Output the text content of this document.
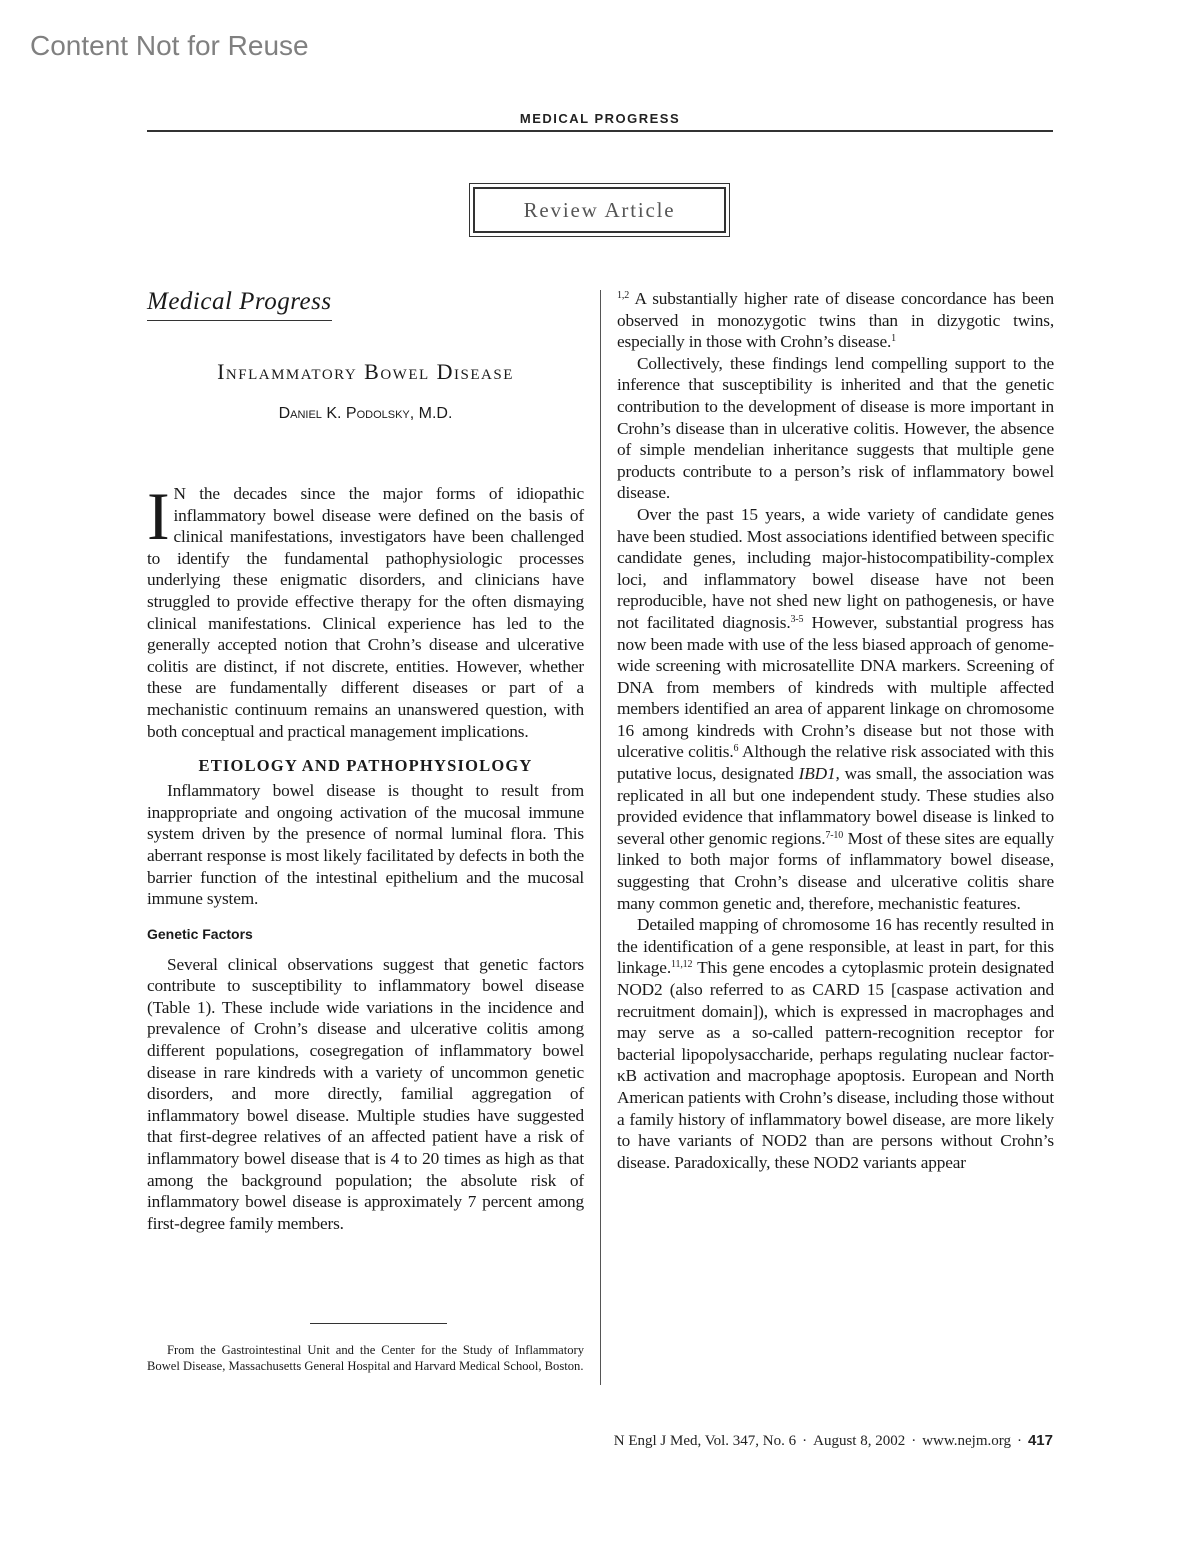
Content Not for Reuse
MEDICAL PROGRESS
Review Article
Medical Progress
Inflammatory Bowel Disease
Daniel K. Podolsky, M.D.

I N the decades since the major forms of idiopathic inflammatory bowel disease were defined on the basis of clinical manifestations, investigators have been challenged to identify the fundamental pathophysiologic processes underlying these enigmatic disorders, and clinicians have struggled to provide effective therapy for the often dismaying clinical manifestations. Clinical experience has led to the generally accepted notion that Crohn’s disease and ulcerative colitis are distinct, if not discrete, entities. However, whether these are fundamentally different diseases or part of a mechanistic continuum remains an unanswered question, with both conceptual and practical management implications.

ETIOLOGY AND PATHOPHYSIOLOGY

Inflammatory bowel disease is thought to result from inappropriate and ongoing activation of the mucosal immune system driven by the presence of normal luminal flora. This aberrant response is most likely facilitated by defects in both the barrier function of the intestinal epithelium and the mucosal immune system.

Genetic Factors

Several clinical observations suggest that genetic factors contribute to susceptibility to inflammatory bowel disease (Table 1). These include wide variations in the incidence and prevalence of Crohn’s disease and ulcerative colitis among different populations, cosegregation of inflammatory bowel disease in rare kindreds with a variety of uncommon genetic disorders, and more directly, familial aggregation of inflammatory bowel disease. Multiple studies have suggested that first-degree relatives of an affected patient have a risk of inflammatory bowel disease that is 4 to 20 times as high as that among the background population; the absolute risk of inflammatory bowel disease is approximately 7 percent among first-degree family members.

$^{1,2}$ A substantially higher rate of disease concordance has been observed in monozygotic twins than in dizygotic twins, especially in those with Crohn’s disease.$^1$

Collectively, these findings lend compelling support to the inference that susceptibility is inherited and that the genetic contribution to the development of disease is more important in Crohn’s disease than in ulcerative colitis. However, the absence of simple mendelian inheritance suggests that multiple gene products contribute to a person’s risk of inflammatory bowel disease.

Over the past 15 years, a wide variety of candidate genes have been studied. Most associations identified between specific candidate genes, including major-histocompatibility-complex loci, and inflammatory bowel disease have not been reproducible, have not shed new light on pathogenesis, or have not facilitated diagnosis.$^{3-5}$ However, substantial progress has now been made with use of the less biased approach of genome-wide screening with microsatellite DNA markers. Screening of DNA from members of kindreds with multiple affected members identified an area of apparent linkage on chromosome 16 among kindreds with Crohn’s disease but not those with ulcerative colitis.$^6$ Although the relative risk associated with this putative locus, designated IBD1, was small, the association was replicated in all but one independent study. These studies also provided evidence that inflammatory bowel disease is linked to several other genomic regions.$^{7-10}$ Most of these sites are equally linked to both major forms of inflammatory bowel disease, suggesting that Crohn’s disease and ulcerative colitis share many common genetic and, therefore, mechanistic features.

Detailed mapping of chromosome 16 has recently resulted in the identification of a gene responsible, at least in part, for this linkage.$^{11,12}$ This gene encodes a cytoplasmic protein designated NOD2 (also referred to as CARD 15 [caspase activation and recruitment domain]), which is expressed in macrophages and may serve as a so-called pattern-recognition receptor for bacterial lipopolysaccharide, perhaps regulating nuclear factor-κB activation and macrophage apoptosis. European and North American patients with Crohn’s disease, including those without a family history of inflammatory bowel disease, are more likely to have variants of NOD2 than are persons without Crohn’s disease. Paradoxically, these NOD2 variants appear

From the Gastrointestinal Unit and the Center for the Study of Inflammatory Bowel Disease, Massachusetts General Hospital and Harvard Medical School, Boston.

N Engl J Med, Vol. 347, No. 6 · August 8, 2002 · www.nejm.org · 417
